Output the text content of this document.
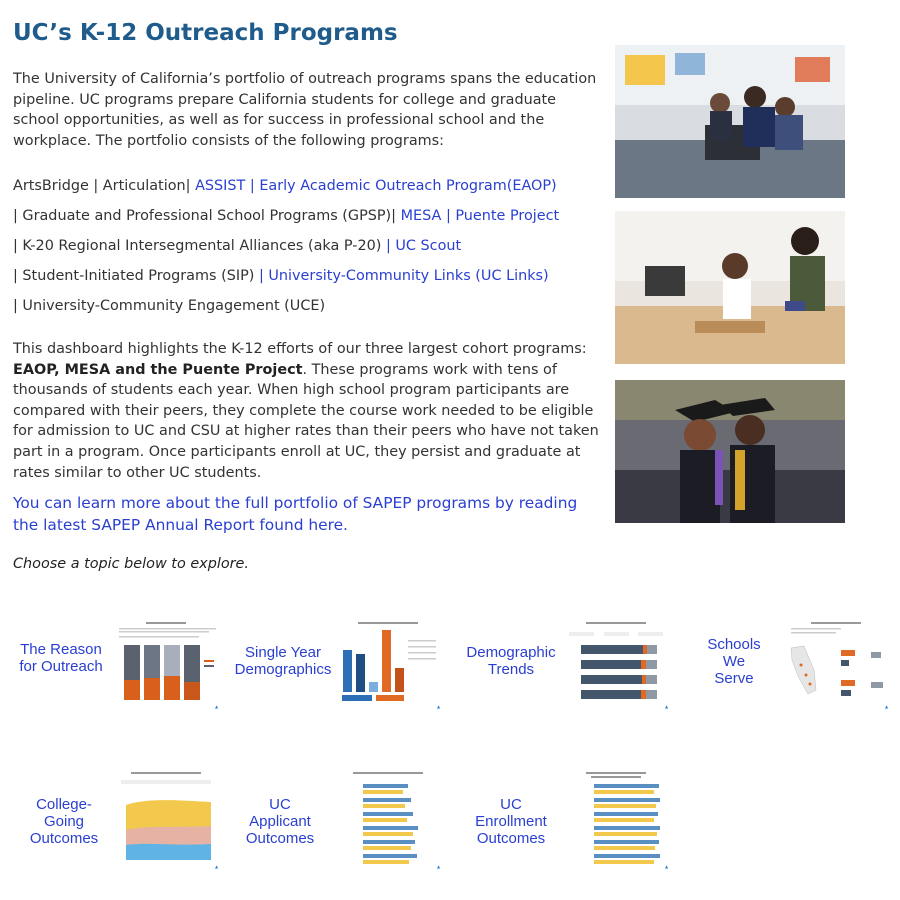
UC’s K-12 Outreach Programs

The University of California’s portfolio of outreach programs spans the education pipeline. UC programs prepare California students for college and graduate school opportunities, as well as for success in professional school and the workplace. The portfolio consists of the following programs:

ArtsBridge | Articulation| ASSIST | Early Academic Outreach Program(EAOP)
| Graduate and Professional School Programs (GPSP)| MESA | Puente Project
| K-20 Regional Intersegmental Alliances (aka P-20) | UC Scout
| Student-Initiated Programs (SIP) | University-Community Links (UC Links)
| University-Community Engagement (UCE)

This dashboard highlights the K-12 efforts of our three largest cohort programs: EAOP, MESA and the Puente Project. These programs work with tens of thousands of students each year. When high school program participants are compared with their peers, they complete the course work needed to be eligible for admission to UC and CSU at higher rates than their peers who have not taken part in a program. Once participants enroll at UC, they persist and graduate at rates similar to other UC students.

You can learn more about the full portfolio of SAPEP programs by reading the latest SAPEP Annual Report found here.
Choose a topic below to explore.
The Reason
for Outreach
Single Year
Demographics
Demographic
Trends
Schools
We
Serve
College-
Going
Outcomes
UC
Applicant
Outcomes
UC
Enrollment
Outcomes
▲	▲	▲	▲
▲	▲	▲
